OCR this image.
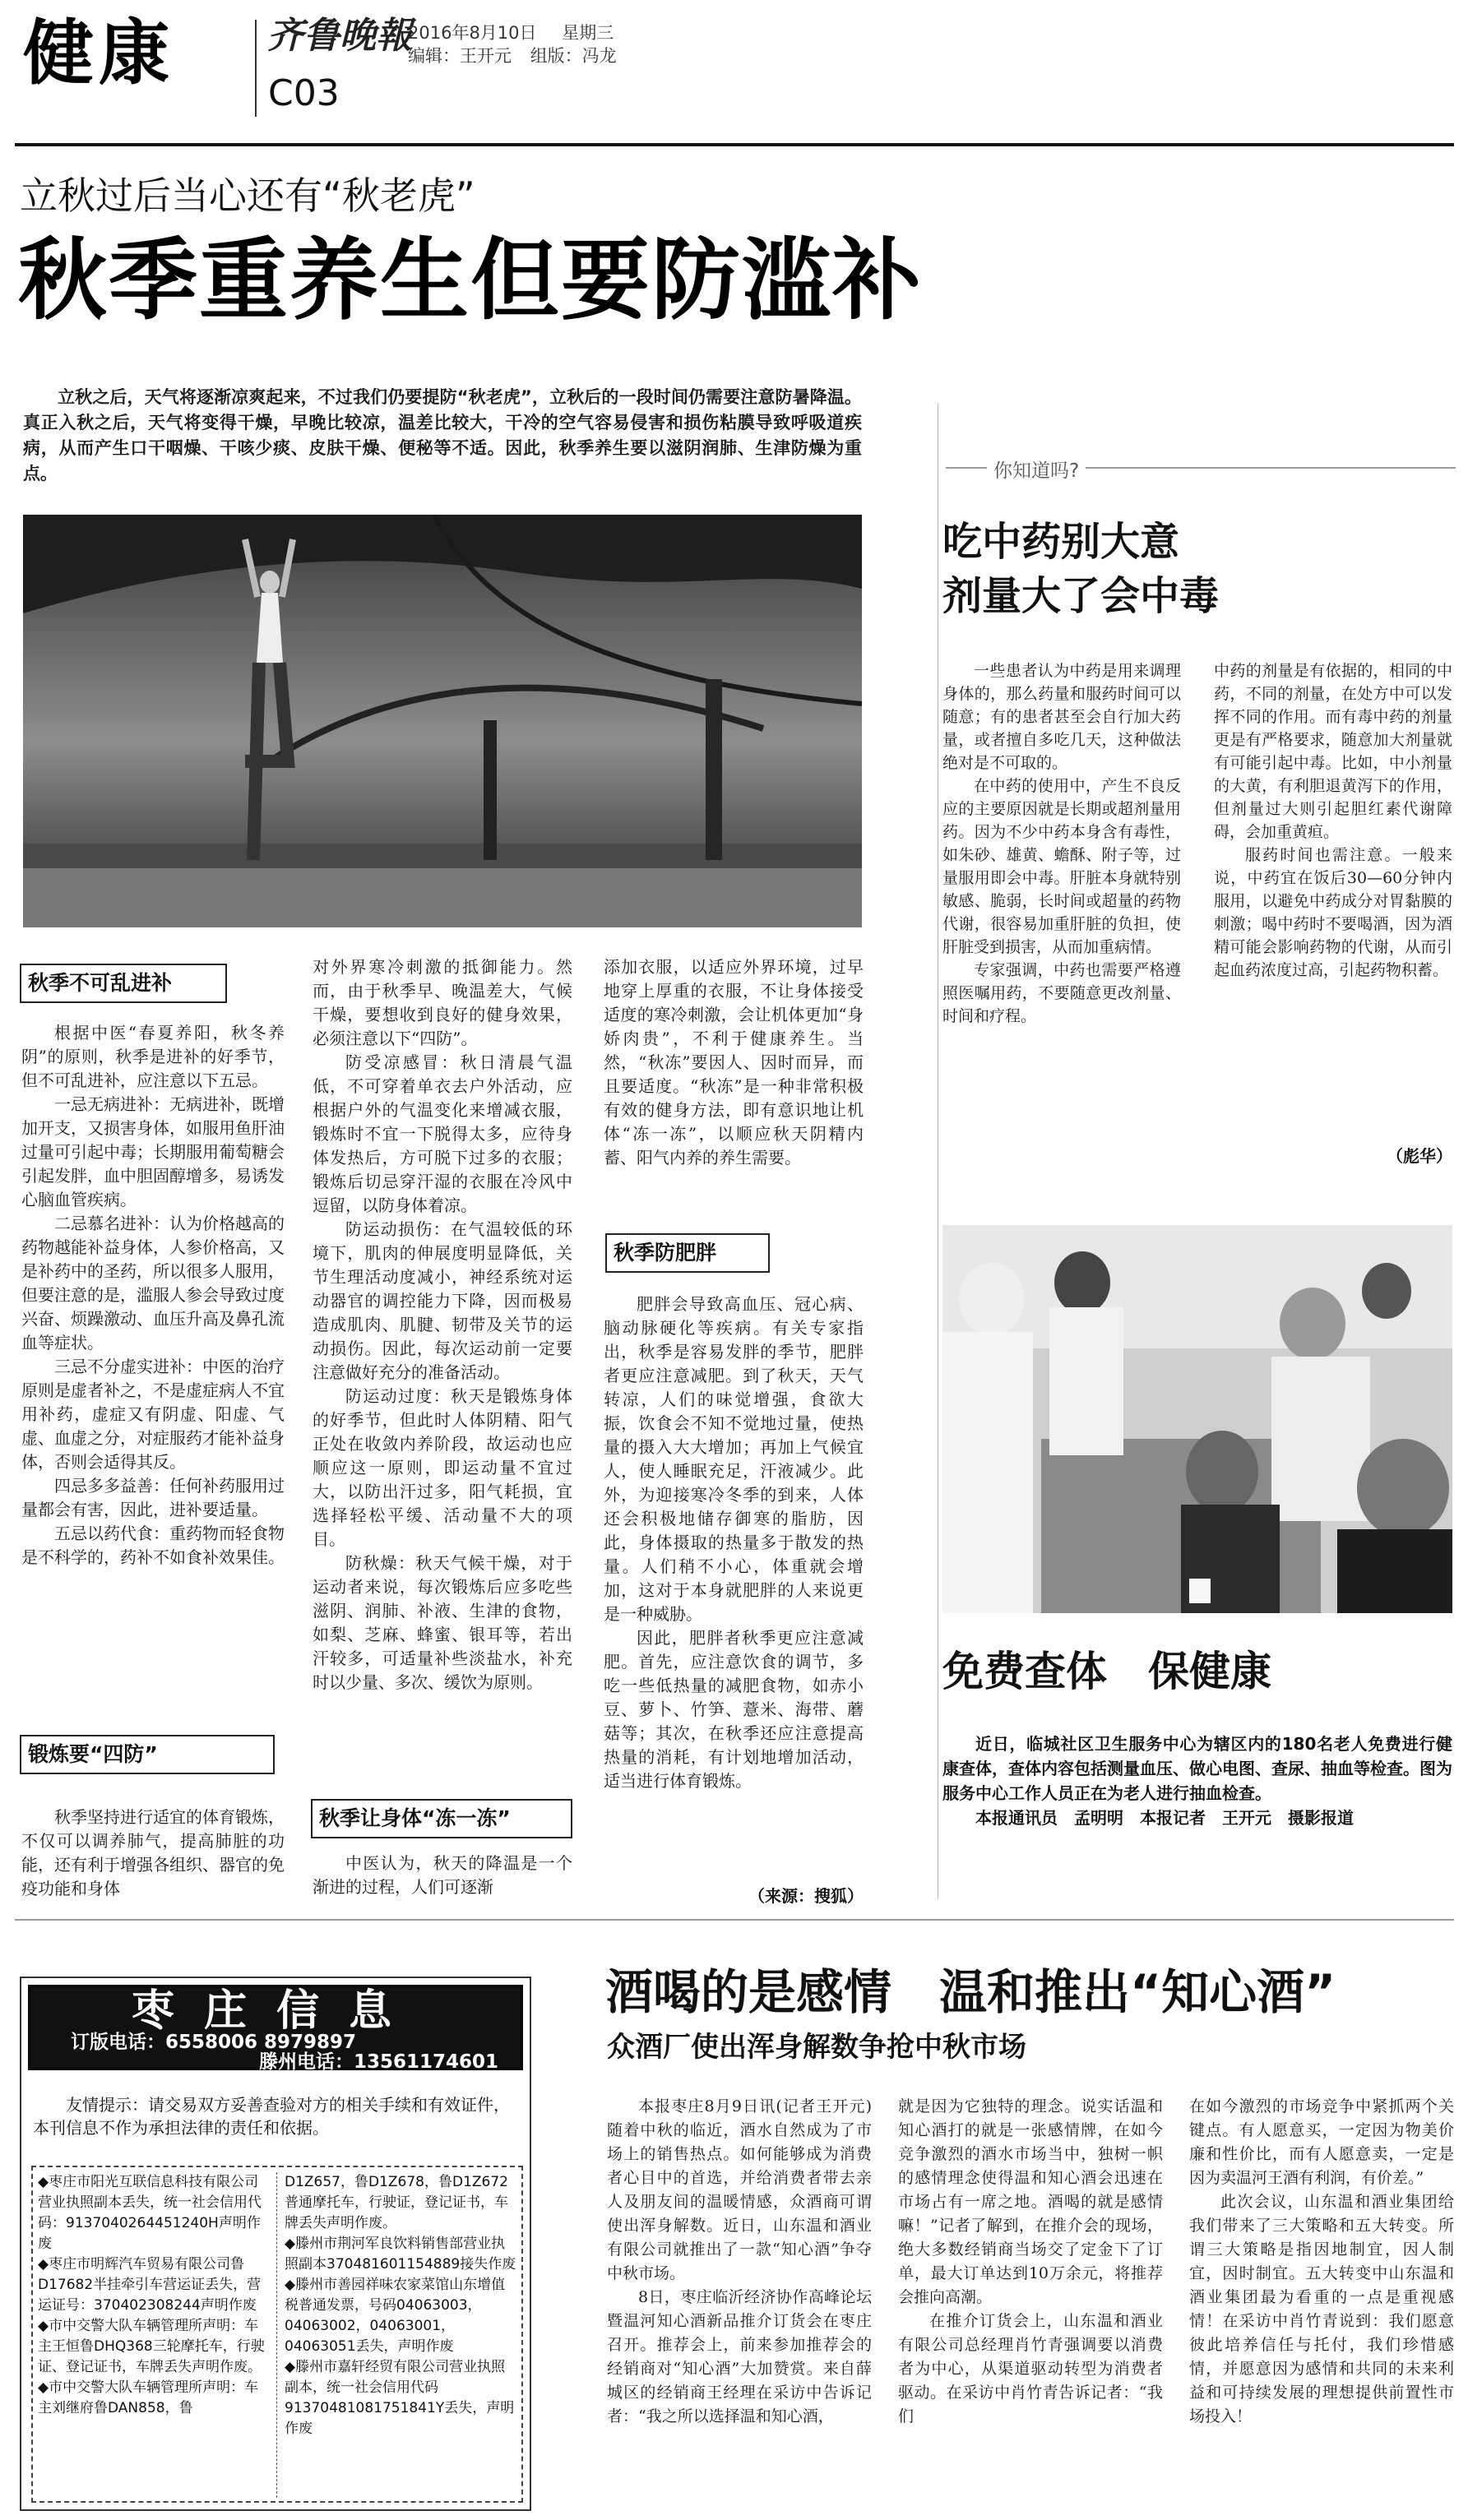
健康	齐鲁晚報
C03
2016年8月10日 星期三
编辑：王开元 组版：冯龙
立秋过后当心还有“秋老虎”
秋季重养生但要防滥补

立秋之后，天气将逐渐凉爽起来，不过我们仍要提防“秋老虎”，立秋后的一段时间仍需要注意防暑降温。真正入秋之后，天气将变得干燥，早晚比较凉，温差比较大，干冷的空气容易侵害和损伤粘膜导致呼吸道疾病，从而产生口干咽燥、干咳少痰、皮肤干燥、便秘等不适。因此，秋季养生要以滋阴润肺、生津防燥为重点。

秋季不可乱进补

根据中医“春夏养阳，秋冬养阴”的原则，秋季是进补的好季节，但不可乱进补，应注意以下五忌。

一忌无病进补：无病进补，既增加开支，又损害身体，如服用鱼肝油过量可引起中毒；长期服用葡萄糖会引起发胖，血中胆固醇增多，易诱发心脑血管疾病。

二忌慕名进补：认为价格越高的药物越能补益身体，人参价格高，又是补药中的圣药，所以很多人服用，但要注意的是，滥服人参会导致过度兴奋、烦躁激动、血压升高及鼻孔流血等症状。

三忌不分虚实进补：中医的治疗原则是虚者补之，不是虚症病人不宜用补药，虚症又有阴虚、阳虚、气虚、血虚之分，对症服药才能补益身体，否则会适得其反。

四忌多多益善：任何补药服用过量都会有害，因此，进补要适量。

五忌以药代食：重药物而轻食物是不科学的，药补不如食补效果佳。

锻炼要“四防”

秋季坚持进行适宜的体育锻炼，不仅可以调养肺气，提高肺脏的功能，还有利于增强各组织、器官的免疫功能和身体

对外界寒冷刺激的抵御能力。然而，由于秋季早、晚温差大，气候干燥，要想收到良好的健身效果，必须注意以下“四防”。

防受凉感冒：秋日清晨气温低，不可穿着单衣去户外活动，应根据户外的气温变化来增减衣服，锻炼时不宜一下脱得太多，应待身体发热后，方可脱下过多的衣服；锻炼后切忌穿汗湿的衣服在冷风中逗留，以防身体着凉。

防运动损伤：在气温较低的环境下，肌肉的伸展度明显降低，关节生理活动度减小，神经系统对运动器官的调控能力下降，因而极易造成肌肉、肌腱、韧带及关节的运动损伤。因此，每次运动前一定要注意做好充分的准备活动。

防运动过度：秋天是锻炼身体的好季节，但此时人体阴精、阳气正处在收敛内养阶段，故运动也应顺应这一原则，即运动量不宜过大，以防出汗过多，阳气耗损，宜选择轻松平缓、活动量不大的项目。

防秋燥：秋天气候干燥，对于运动者来说，每次锻炼后应多吃些滋阴、润肺、补液、生津的食物，如梨、芝麻、蜂蜜、银耳等，若出汗较多，可适量补些淡盐水，补充时以少量、多次、缓饮为原则。

秋季让身体“冻一冻”

中医认为，秋天的降温是一个渐进的过程，人们可逐渐

添加衣服，以适应外界环境，过早地穿上厚重的衣服，不让身体接受适度的寒冷刺激，会让机体更加“身娇肉贵”，不利于健康养生。当然，“秋冻”要因人、因时而异，而且要适度。“秋冻”是一种非常积极有效的健身方法，即有意识地让机体“冻一冻”，以顺应秋天阴精内蓄、阳气内养的养生需要。

秋季防肥胖

肥胖会导致高血压、冠心病、脑动脉硬化等疾病。有关专家指出，秋季是容易发胖的季节，肥胖者更应注意减肥。到了秋天，天气转凉，人们的味觉增强，食欲大振，饮食会不知不觉地过量，使热量的摄入大大增加；再加上气候宜人，使人睡眠充足，汗液减少。此外，为迎接寒冷冬季的到来，人体还会积极地储存御寒的脂肪，因此，身体摄取的热量多于散发的热量。人们稍不小心，体重就会增加，这对于本身就肥胖的人来说更是一种威胁。

因此，肥胖者秋季更应注意减肥。首先，应注意饮食的调节，多吃一些低热量的减肥食物，如赤小豆、萝卜、竹笋、薏米、海带、蘑菇等；其次，在秋季还应注意提高热量的消耗，有计划地增加活动，适当进行体育锻炼。

（来源：搜狐）
你知道吗?
吃中药别大意
剂量大了会中毒

一些患者认为中药是用来调理身体的，那么药量和服药时间可以随意；有的患者甚至会自行加大药量，或者擅自多吃几天，这种做法绝对是不可取的。

在中药的使用中，产生不良反应的主要原因就是长期或超剂量用药。因为不少中药本身含有毒性，如朱砂、雄黄、蟾酥、附子等，过量服用即会中毒。肝脏本身就特别敏感、脆弱，长时间或超量的药物代谢，很容易加重肝脏的负担，使肝脏受到损害，从而加重病情。

专家强调，中药也需要严格遵照医嘱用药，不要随意更改剂量、时间和疗程。

中药的剂量是有依据的，相同的中药，不同的剂量，在处方中可以发挥不同的作用。而有毒中药的剂量更是有严格要求，随意加大剂量就有可能引起中毒。比如，中小剂量的大黄，有利胆退黄泻下的作用，但剂量过大则引起胆红素代谢障碍，会加重黄疸。

服药时间也需注意。一般来说，中药宜在饭后30—60分钟内服用，以避免中药成分对胃黏膜的刺激；喝中药时不要喝酒，因为酒精可能会影响药物的代谢，从而引起血药浓度过高，引起药物积蓄。

（彪华）
免费查体　保健康

近日，临城社区卫生服务中心为辖区内的180名老人免费进行健康查体，查体内容包括测量血压、做心电图、查尿、抽血等检查。图为服务中心工作人员正在为老人进行抽血检查。

本报通讯员　孟明明　本报记者　王开元　摄影报道

枣庄信息
订版电话：6558006 8979897
滕州电话：13561174601
友情提示：请交易双方妥善查验对方的相关手续和有效证件，本刊信息不作为承担法律的责任和依据。

◆枣庄市阳光互联信息科技有限公司营业执照副本丢失，统一社会信用代码：913704026445124​0H声明作废

◆枣庄市明辉汽车贸易有限公司鲁D17682半挂牵引车营运证丢失，营运证号：370402308244声明作废

◆市中交警大队车辆管理所声明：车主王恒鲁DHQ368三轮摩托车，行驶证、登记证书，车牌丢失声明作废。

◆市中交警大队车辆管理所声明：车主刘继府鲁DAN858，鲁

D1Z657，鲁D1Z678，鲁D1Z672普通摩托车，行驶证，登记证书，车牌丢失声明作废。

◆滕州市荆河军良饮料销售部营业执照副本37048160115​4889接失作废

◆滕州市善园祥味农家菜馆山东增值税普通发票，号码04063003，04063002，04063001，04063051丢失，声明作废

◆滕州市嘉轩经贸有限公司营业执照副本，统一社会信用代码91370481081751841Y丢失，声明作废

酒喝的是感情　温和推出“知心酒”
众酒厂使出浑身解数争抢中秋市场

本报枣庄8月9日讯(记者王开元)　随着中秋的临近，酒水自然成为了市场上的销售热点。如何能够成为消费者心目中的首选，并给消费者带去亲人及朋友间的温暖情感，众酒商可谓使出浑身解数。近日，山东温和酒业有限公司就推出了一款“知心酒”争夺中秋市场。

8日，枣庄临沂经济协作高峰论坛暨温河知心酒新品推介订货会在枣庄召开。推荐会上，前来参加推荐会的经销商对“知心酒”大加赞赏。来自薛城区的经销商王经理在采访中告诉记者：“我之所以选择温和知心酒，

就是因为它独特的理念。说实话温和知心酒打的就是一张感情牌，在如今竞争激烈的酒水市场当中，独树一帜的感情理念使得温和知心酒会迅速在市场占有一席之地。酒喝的就是感情嘛！”记者了解到，在推介会的现场，绝大多数经销商当场交了定金下了订单，最大订单达到10万余元，将推荐会推向高潮。

在推介订货会上，山东温和酒业有限公司总经理肖竹青强调要以消费者为中心，从渠道驱动转型为消费者驱动。在采访中肖竹青告诉记者：“我们

在如今激烈的市场竞争中紧抓两个关键点。有人愿意买，一定因为物美价廉和性价比，而有人愿意卖，一定是因为卖温河王酒有利润，有价差。”

此次会议，山东温和酒业集团给我们带来了三大策略和五大转变。所谓三大策略是指因地制宜，因人制宜，因时制宜。五大转变中山东温和酒业集团最为看重的一点是重视感情！在采访中肖竹青说到：我们愿意彼此培养信任与托付，我们珍惜感情，并愿意因为感情和共同的未来利益和可持续发展的理想提供前置性市场投入！
